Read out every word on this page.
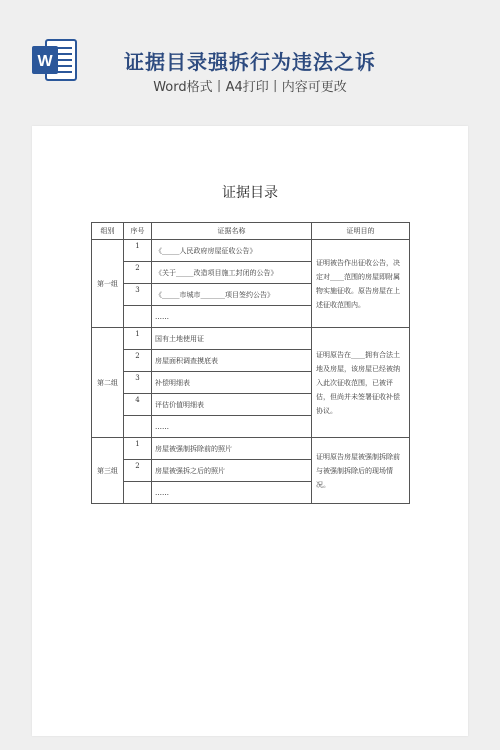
W	证据目录强拆行为违法之诉
Word格式丨A4打印丨内容可更改
证据目录
组别	序号	证据名称	证明目的
第一组	1	《_____人民政府房屋征收公告》	证明被告作出征收公告，决定对____范围的房屋即附属物实施征收。原告房屋在上述征收范围内。
	2	《关于_____改造项目施工封闭的公告》	
	3	《_____市城市_______项目签约公告》	
		……	
第二组	1	国有土地使用证	证明原告在____拥有合法土地及房屋，该房屋已经被纳入此次征收范围，已被评估，但尚并未签署征收补偿协议。
	2	房屋面积调查摸底表	
	3	补偿明细表	
	4	评估价值明细表	
		……	
第三组	1	房屋被强制拆除前的照片	证明原告房屋被强制拆除前与被强制拆除后的现场情况。
	2	房屋被强拆之后的照片	
		……	
